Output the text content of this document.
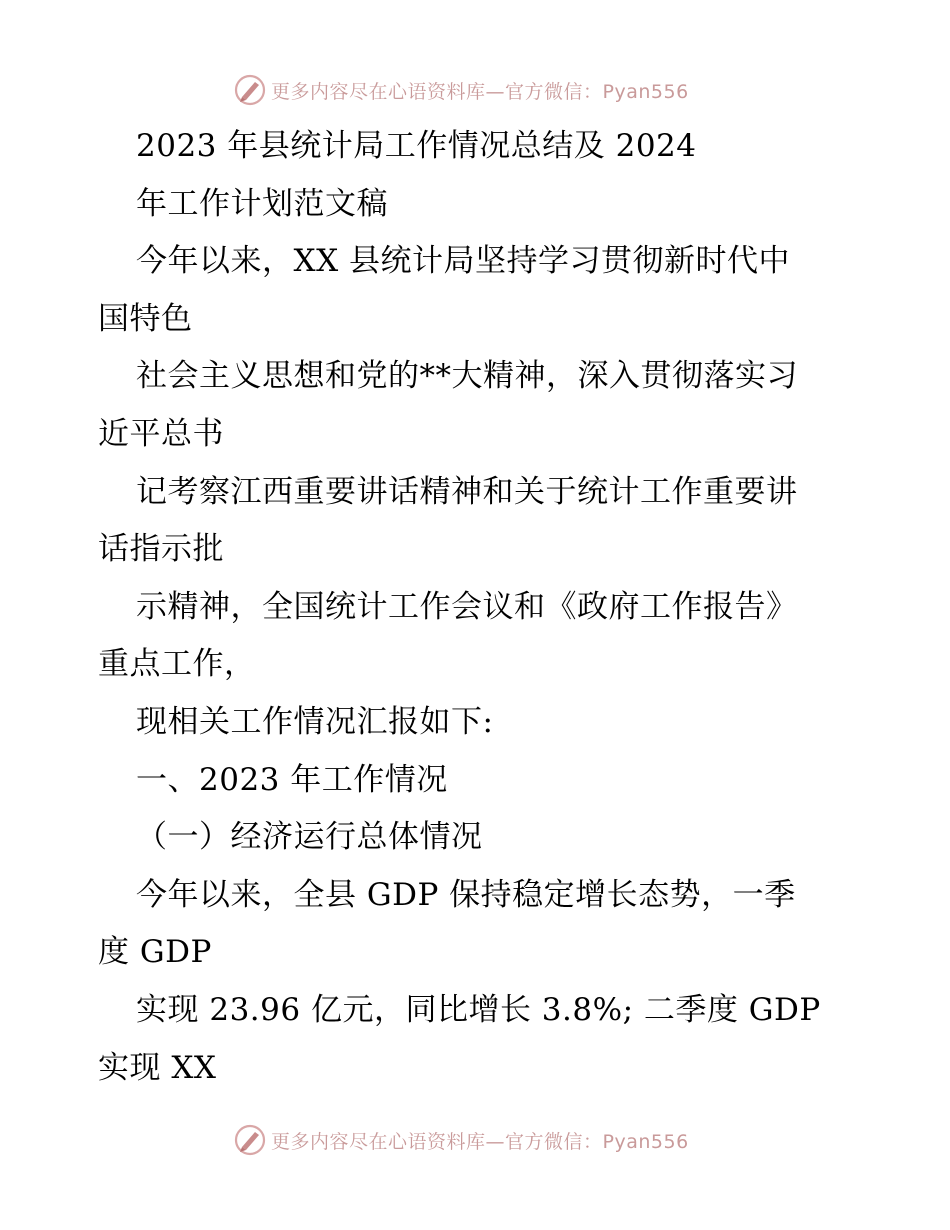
更多内容尽在心语资料库—官方微信：Pyan556
2023 年县统计局工作情况总结及 2024
年工作计划范文稿
今年以来，XX 县统计局坚持学习贯彻新时代中
国特色
社会主义思想和党的**大精神，深入贯彻落实习
近平总书
记考察江西重要讲话精神和关于统计工作重要讲
话指示批
示精神，全国统计工作会议和《政府工作报告》
重点工作，
现相关工作情况汇报如下:
一、2023 年工作情况
（一）经济运行总体情况
今年以来，全县 GDP 保持稳定增长态势，一季
度 GDP
实现 23.96 亿元，同比增长 3.8%; 二季度 GDP
实现 XX
更多内容尽在心语资料库—官方微信：Pyan556
